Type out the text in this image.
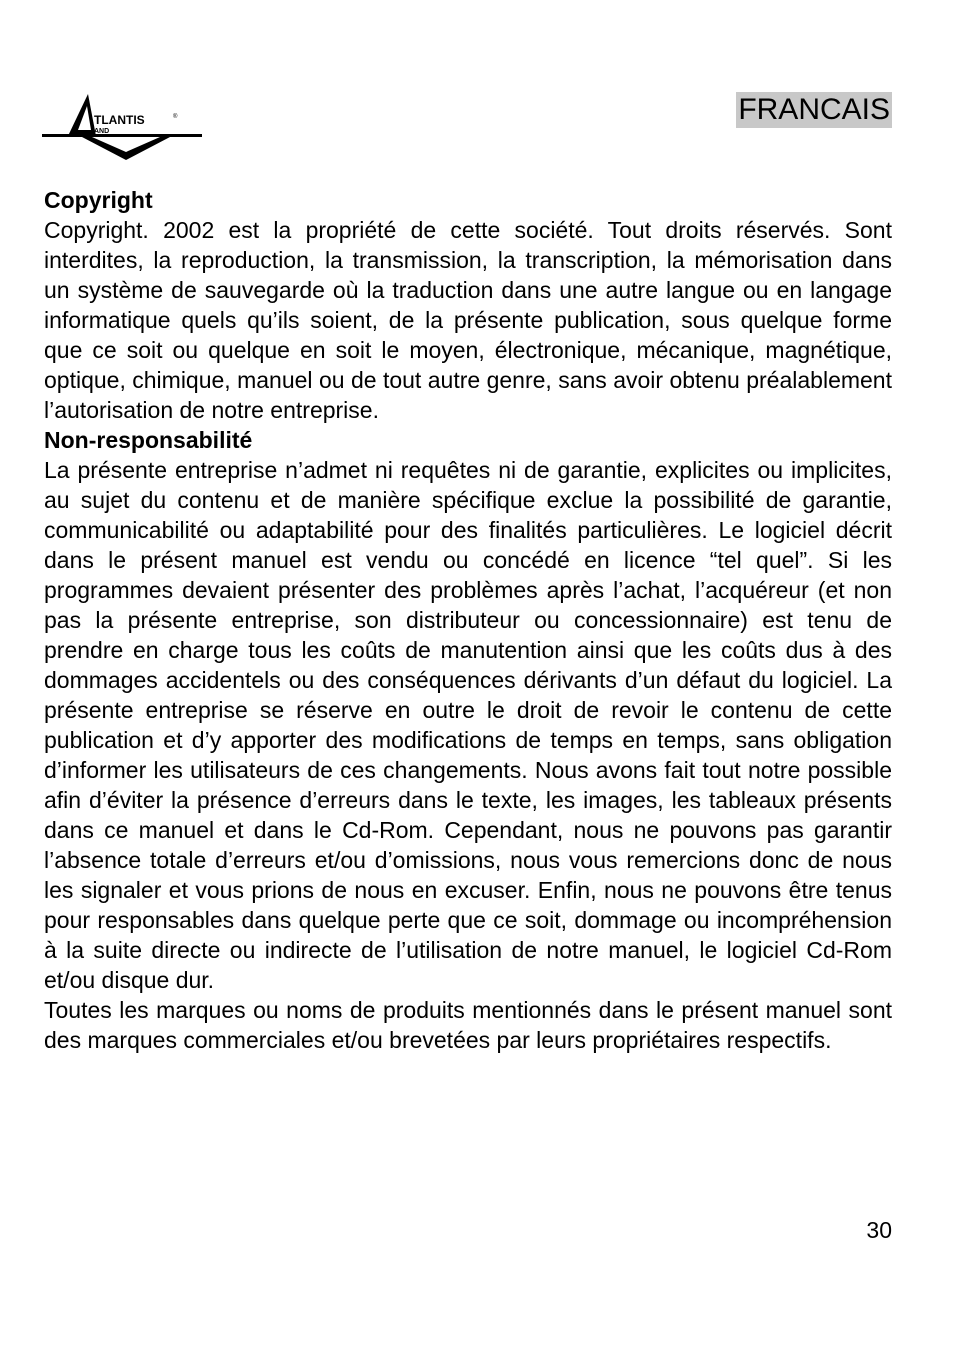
TLANTIS	®
AND
FRANCAIS
Copyright

Copyright. 2002 est la propriété de cette société. Tout droits réservés. Sont interdites, la reproduction, la transmission, la transcription, la mémorisation dans un système de sauvegarde où la traduction dans une autre langue ou en langage informatique quels qu’ils soient, de la présente publication, sous quelque forme que ce soit ou quelque en soit le moyen, électronique, mécanique, magnétique, optique, chimique, manuel ou de tout autre genre, sans avoir obtenu préalablement l’autorisation de notre entreprise.

Non-responsabilité

La présente entreprise n’admet ni requêtes ni de garantie, explicites ou implicites, au sujet du contenu et de manière spécifique exclue la possibilité de garantie, communicabilité ou adaptabilité pour des finalités particulières. Le logiciel décrit dans le présent manuel est vendu ou concédé en licence “tel quel”. Si les programmes devaient présenter des problèmes après l’achat, l’acquéreur (et non pas la présente entreprise, son distributeur ou concessionnaire) est tenu de prendre en charge tous les coûts de manutention ainsi que les coûts dus à des dommages accidentels ou des conséquences dérivants d’un défaut du logiciel. La présente entreprise se réserve en outre le droit de revoir le contenu de cette publication et d’y apporter des modifications de temps en temps, sans obligation d’informer les utilisateurs de ces changements. Nous avons fait tout notre possible afin d’éviter la présence d’erreurs dans le texte, les images, les tableaux présents dans ce manuel et dans le Cd-Rom. Cependant, nous ne pouvons pas garantir l’absence totale d’erreurs et/ou d’omissions, nous vous remercions donc de nous les signaler et vous prions de nous en excuser. Enfin, nous ne pouvons être tenus pour responsables dans quelque perte que ce soit, dommage ou incompréhension à la suite directe ou indirecte de l’utilisation de notre manuel, le logiciel Cd-Rom et/ou disque dur.

Toutes les marques ou noms de produits mentionnés dans le présent manuel sont des marques commerciales et/ou brevetées par leurs propriétaires respectifs.

30
